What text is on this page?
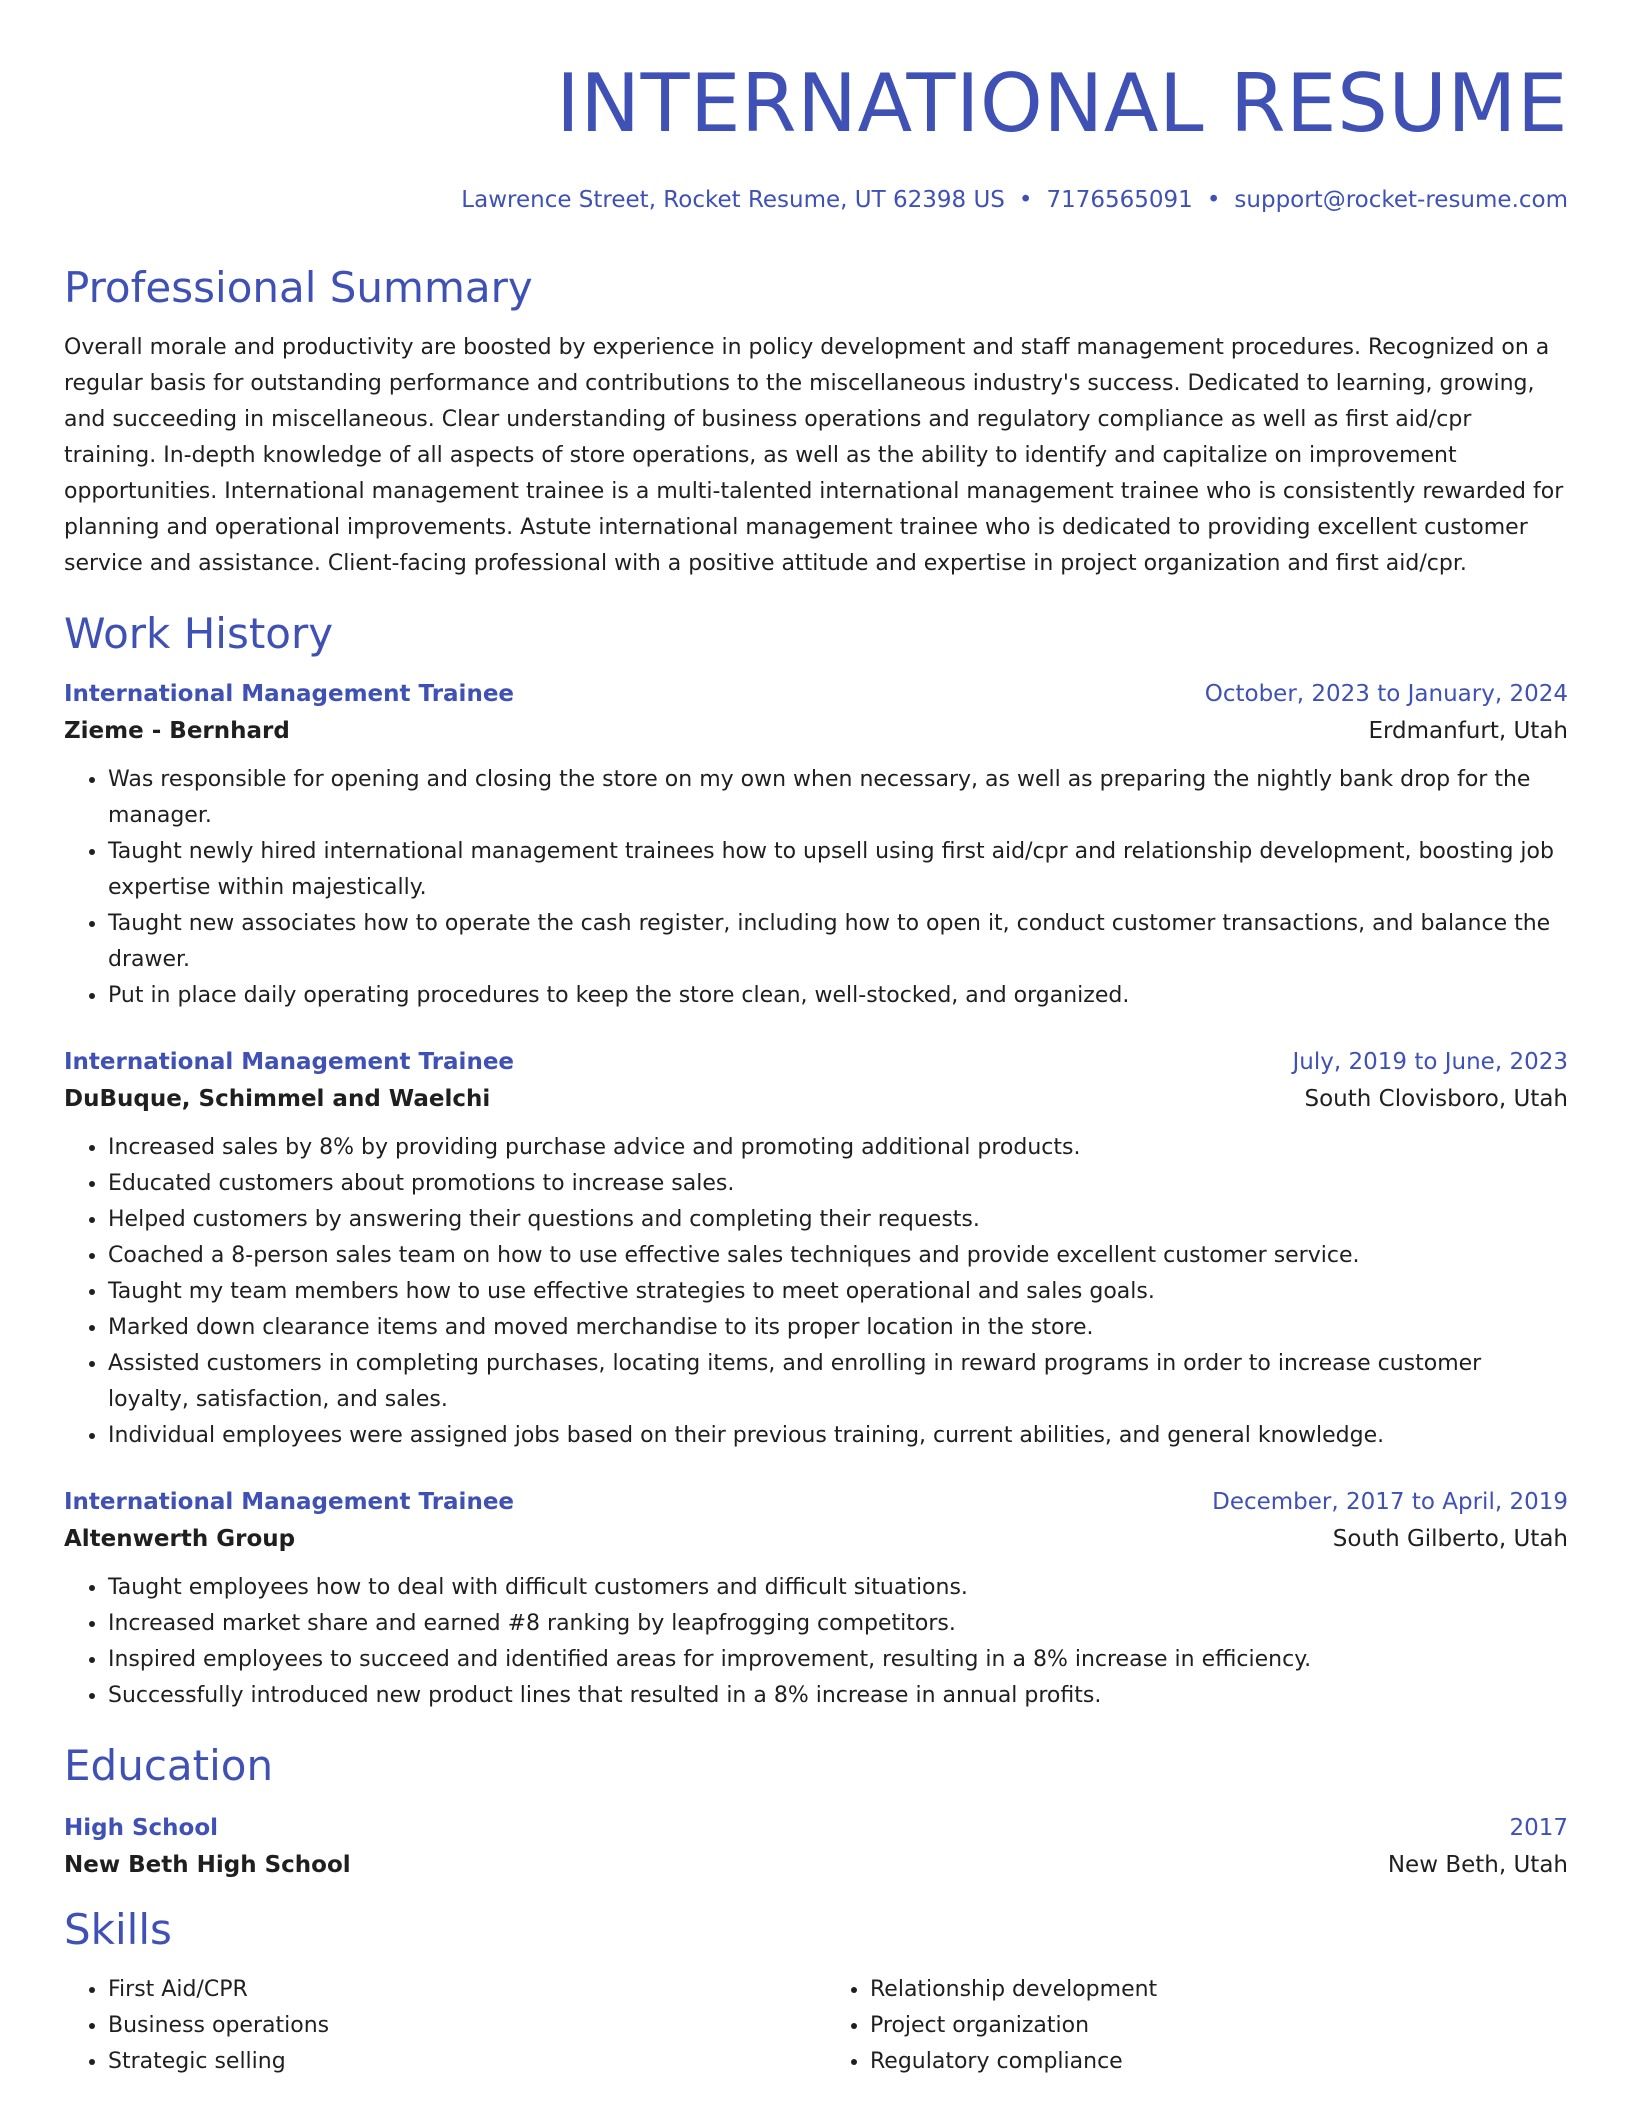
INTERNATIONAL RESUME
Lawrence Street, Rocket Resume, UT 62398 US • 7176565091 • support@rocket-resume.com
Professional Summary
Overall morale and productivity are boosted by experience in policy development and staff management procedures. Recognized on a regular basis for outstanding performance and contributions to the miscellaneous industry's success. Dedicated to learning, growing, and succeeding in miscellaneous. Clear understanding of business operations and regulatory compliance as well as first aid/cpr training. In-depth knowledge of all aspects of store operations, as well as the ability to identify and capitalize on improvement opportunities. International management trainee is a multi-talented international management trainee who is consistently rewarded for planning and operational improvements. Astute international management trainee who is dedicated to providing excellent customer service and assistance. Client-facing professional with a positive attitude and expertise in project organization and first aid/cpr.
Work History
International Management Trainee	October, 2023 to January, 2024
Zieme - Bernhard	Erdmanfurt, Utah
• Was responsible for opening and closing the store on my own when necessary, as well as preparing the nightly bank drop for the manager.
• Taught newly hired international management trainees how to upsell using first aid/cpr and relationship development, boosting job expertise within majestically.
• Taught new associates how to operate the cash register, including how to open it, conduct customer transactions, and balance the drawer.
• Put in place daily operating procedures to keep the store clean, well-stocked, and organized.
International Management Trainee	July, 2019 to June, 2023
DuBuque, Schimmel and Waelchi	South Clovisboro, Utah
• Increased sales by 8% by providing purchase advice and promoting additional products.
• Educated customers about promotions to increase sales.
• Helped customers by answering their questions and completing their requests.
• Coached a 8-person sales team on how to use effective sales techniques and provide excellent customer service.
• Taught my team members how to use effective strategies to meet operational and sales goals.
• Marked down clearance items and moved merchandise to its proper location in the store.
• Assisted customers in completing purchases, locating items, and enrolling in reward programs in order to increase customer loyalty, satisfaction, and sales.
• Individual employees were assigned jobs based on their previous training, current abilities, and general knowledge.
International Management Trainee	December, 2017 to April, 2019
Altenwerth Group	South Gilberto, Utah
• Taught employees how to deal with difficult customers and difficult situations.
• Increased market share and earned #8 ranking by leapfrogging competitors.
• Inspired employees to succeed and identified areas for improvement, resulting in a 8% increase in efficiency.
• Successfully introduced new product lines that resulted in a 8% increase in annual profits.
Education
High School	2017
New Beth High School	New Beth, Utah
Skills
• First Aid/CPR
• Business operations
• Strategic selling
• Relationship development
• Project organization
• Regulatory compliance
